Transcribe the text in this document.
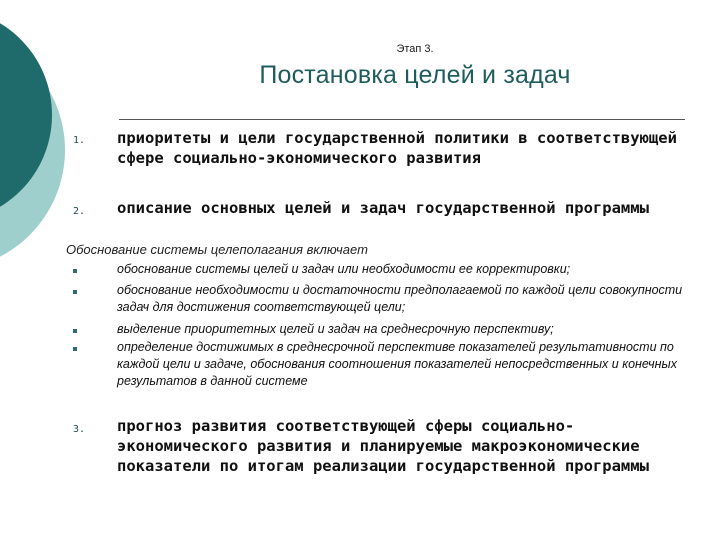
Этап 3.
Постановка целей и задач
1. приоритеты и цели государственной политики в соответствующей сфере социально-экономического развития
2. описание основных целей и задач государственной программы
Обоснование системы целеполагания включает
обоснование системы целей и задач или необходимости ее корректировки;
обоснование необходимости и достаточности предполагаемой по каждой цели совокупности задач для достижения соответствующей цели;
выделение приоритетных целей и задач на среднесрочную перспективу;
определение достижимых в среднесрочной перспективе показателей результативности по каждой цели и задаче, обоснования соотношения показателей непосредственных и конечных результатов в данной системе
3. прогноз развития соответствующей сферы социально-экономического развития и планируемые макроэкономические показатели по итогам реализации государственной программы
